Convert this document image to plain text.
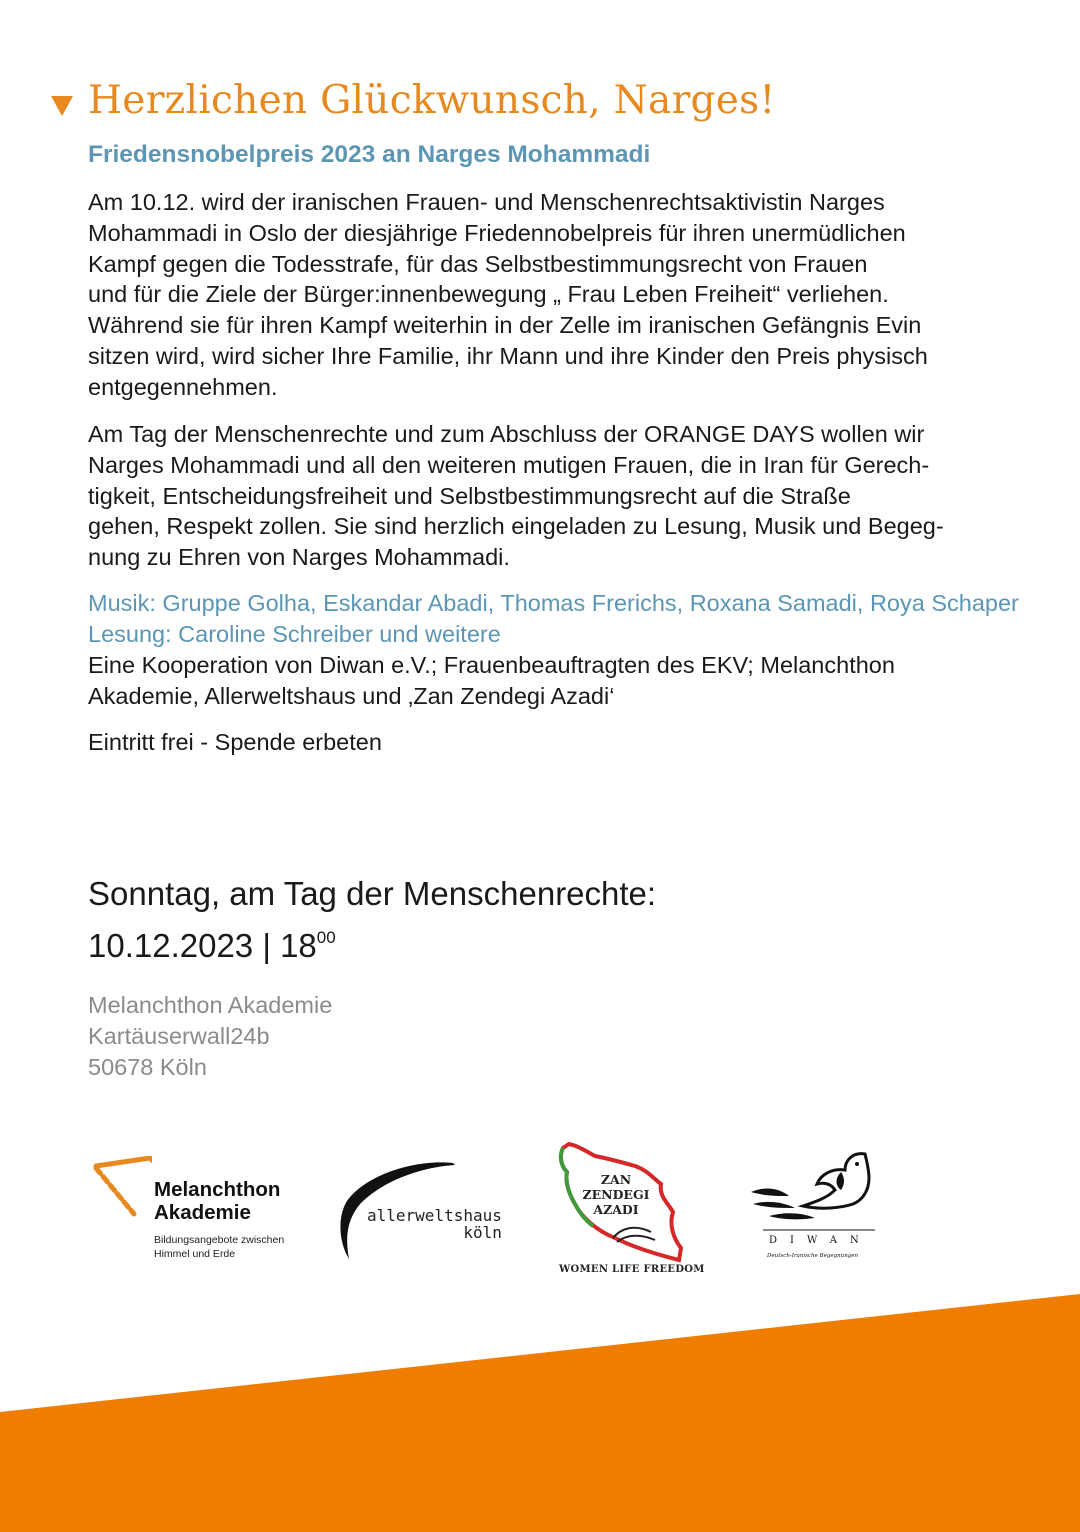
Herzlichen Glückwunsch, Narges!
Friedensnobelpreis 2023 an Narges Mohammadi

Am 10.12. wird der iranischen Frauen- und Menschenrechtsaktivistin Narges
Mohammadi in Oslo der diesjährige Friedennobelpreis für ihren unermüdlichen
Kampf gegen die Todesstrafe, für das Selbstbestimmungsrecht von Frauen
und für die Ziele der Bürger:innenbewegung „ Frau Leben Freiheit“ verliehen.
Während sie für ihren Kampf weiterhin in der Zelle im iranischen Gefängnis Evin
sitzen wird, wird sicher Ihre Familie, ihr Mann und ihre Kinder den Preis physisch
entgegennehmen.

Am Tag der Menschenrechte und zum Abschluss der ORANGE DAYS wollen wir
Narges Mohammadi und all den weiteren mutigen Frauen, die in Iran für Gerech-
tigkeit, Entscheidungsfreiheit und Selbstbestimmungsrecht auf die Straße
gehen, Respekt zollen. Sie sind herzlich eingeladen zu Lesung, Musik und Begeg-
nung zu Ehren von Narges Mohammadi.

Musik: Gruppe Golha, Eskandar Abadi, Thomas Frerichs, Roxana Samadi, Roya Schaper
Lesung: Caroline Schreiber und weitere

Eine Kooperation von Diwan e.V.; Frauenbeauftragten des EKV; Melanchthon
Akademie, Allerweltshaus und ‚Zan Zendegi Azadi‘

Eintritt frei - Spende erbeten

Sonntag, am Tag der Menschenrechte:
10.12.2023 | $18^{00}$
Melanchthon Akademie
Kartäuserwall24b
50678 Köln
Melanchthon
Akademie
Bildungsangebote zwischen
Himmel und Erde
allerweltshaus
köln
ZAN
ZENDEGI
AZADI
WOMEN LIFE FREEDOM
DIWAN
Deutsch-Iranische Begegnungen
